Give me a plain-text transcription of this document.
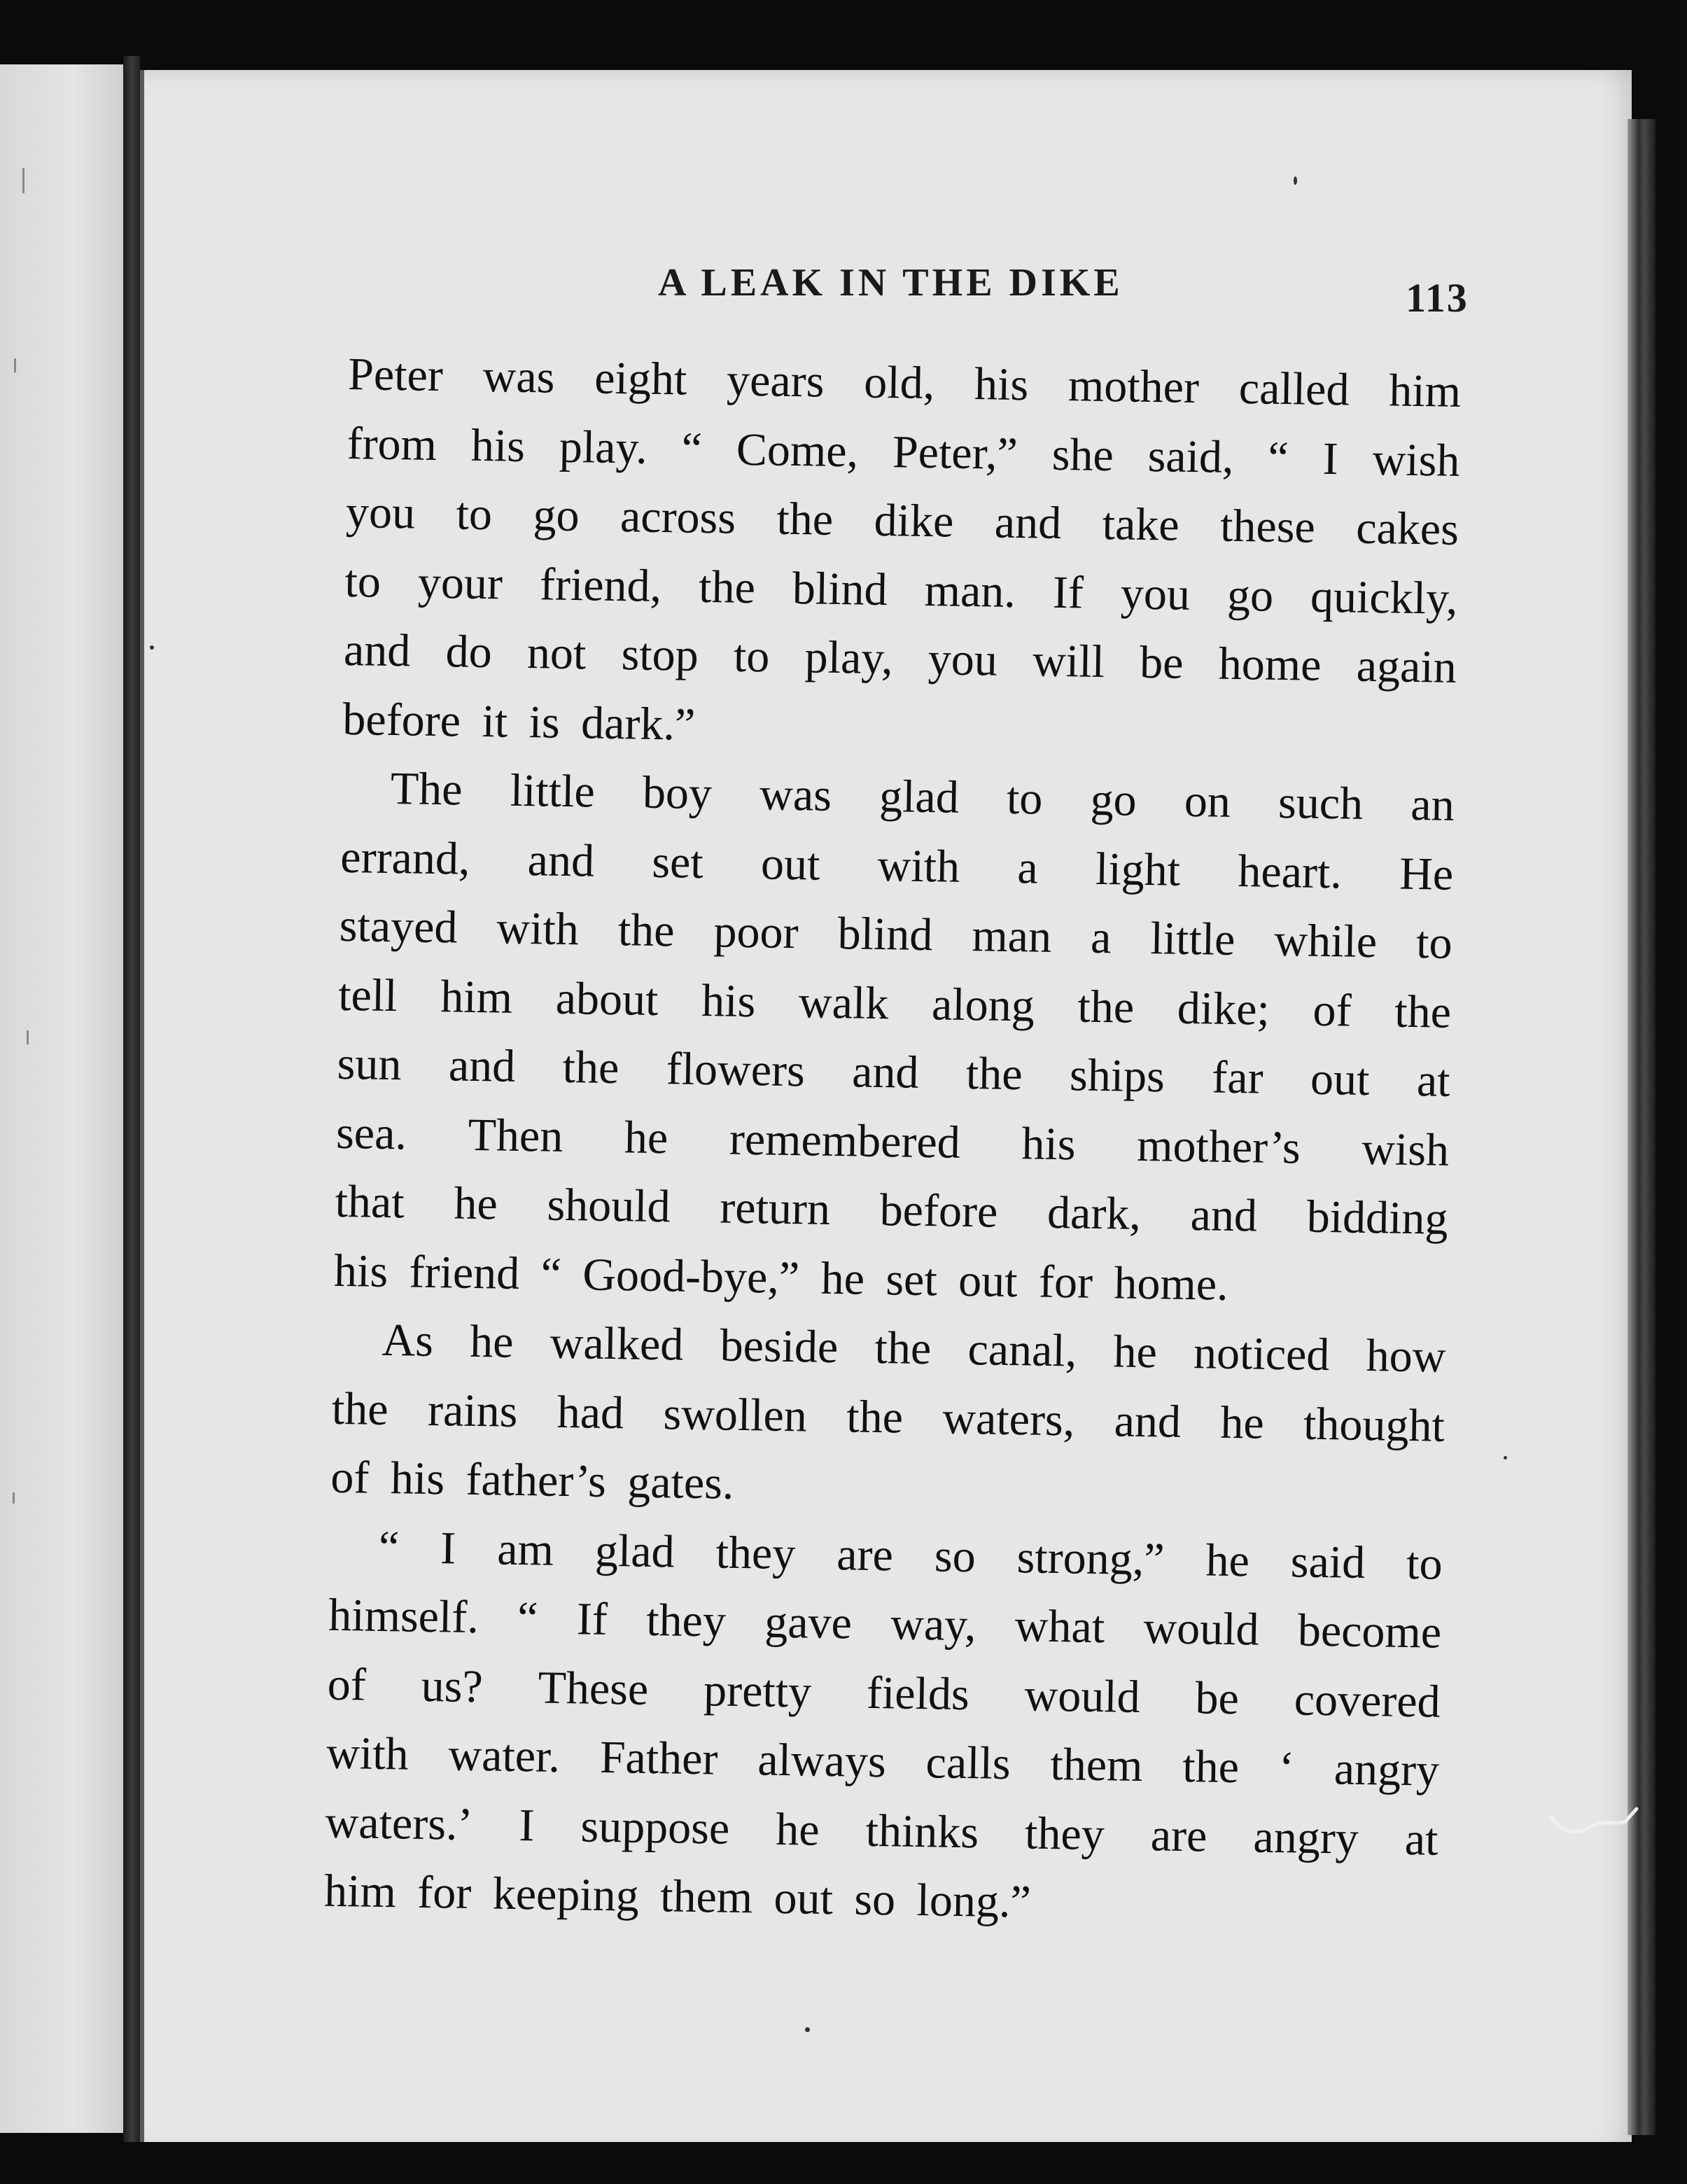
A LEAK IN THE DIKE	113
Peter was eight years old, his mother called him
from his play. “ Come, Peter,” she said, “ I wish
you to go across the dike and take these cakes
to your friend, the blind man. If you go quickly,
and do not stop to play, you will be home again
before it is dark.”
The little boy was glad to go on such an
errand, and set out with a light heart. He
stayed with the poor blind man a little while to
tell him about his walk along the dike; of the
sun and the flowers and the ships far out at
sea. Then he remembered his mother’s wish
that he should return before dark, and bidding
his friend “ Good-bye,” he set out for home.
As he walked beside the canal, he noticed how
the rains had swollen the waters, and he thought
of his father’s gates.
“ I am glad they are so strong,” he said to
himself. “ If they gave way, what would become
of us? These pretty fields would be covered
with water. Father always calls them the ‘ angry
waters.’ I suppose he thinks they are angry at
him for keeping them out so long.”
